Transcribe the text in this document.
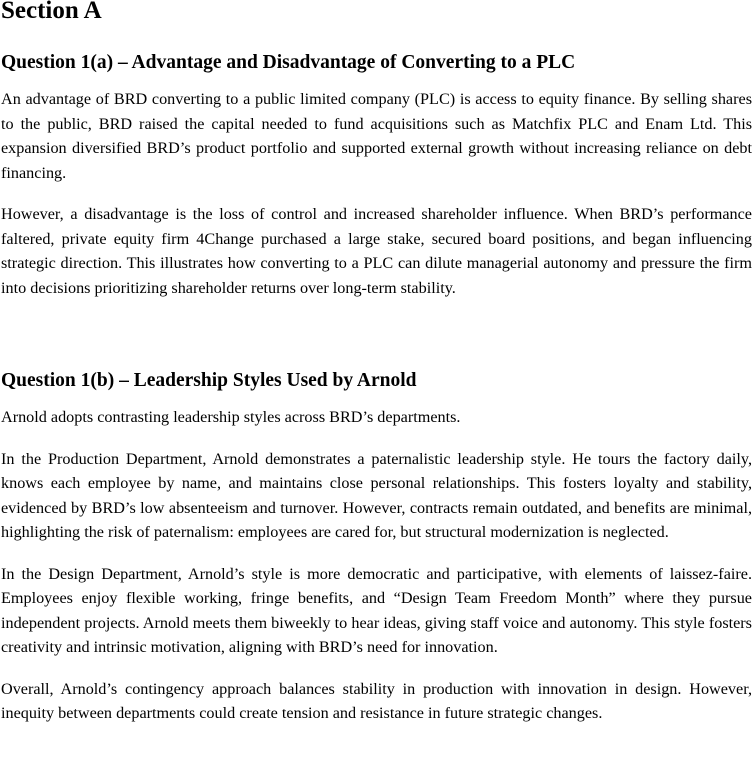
Section A
Question 1(a) – Advantage and Disadvantage of Converting to a PLC

An advantage of BRD converting to a public limited company (PLC) is access to equity finance. By selling shares to the public, BRD raised the capital needed to fund acquisitions such as Matchfix PLC and Enam Ltd. This expansion diversified BRD’s product portfolio and supported external growth without increasing reliance on debt financing.

However, a disadvantage is the loss of control and increased shareholder influence. When BRD’s performance faltered, private equity firm 4Change purchased a large stake, secured board positions, and began influencing strategic direction. This illustrates how converting to a PLC can dilute managerial autonomy and pressure the firm into decisions prioritizing shareholder returns over long-term stability.

Question 1(b) – Leadership Styles Used by Arnold

Arnold adopts contrasting leadership styles across BRD’s departments.

In the Production Department, Arnold demonstrates a paternalistic leadership style. He tours the factory daily, knows each employee by name, and maintains close personal relationships. This fosters loyalty and stability, evidenced by BRD’s low absenteeism and turnover. However, contracts remain outdated, and benefits are minimal, highlighting the risk of paternalism: employees are cared for, but structural modernization is neglected.

In the Design Department, Arnold’s style is more democratic and participative, with elements of laissez-faire. Employees enjoy flexible working, fringe benefits, and “Design Team Freedom Month” where they pursue independent projects. Arnold meets them biweekly to hear ideas, giving staff voice and autonomy. This style fosters creativity and intrinsic motivation, aligning with BRD’s need for innovation.

Overall, Arnold’s contingency approach balances stability in production with innovation in design. However, inequity between departments could create tension and resistance in future strategic changes.
